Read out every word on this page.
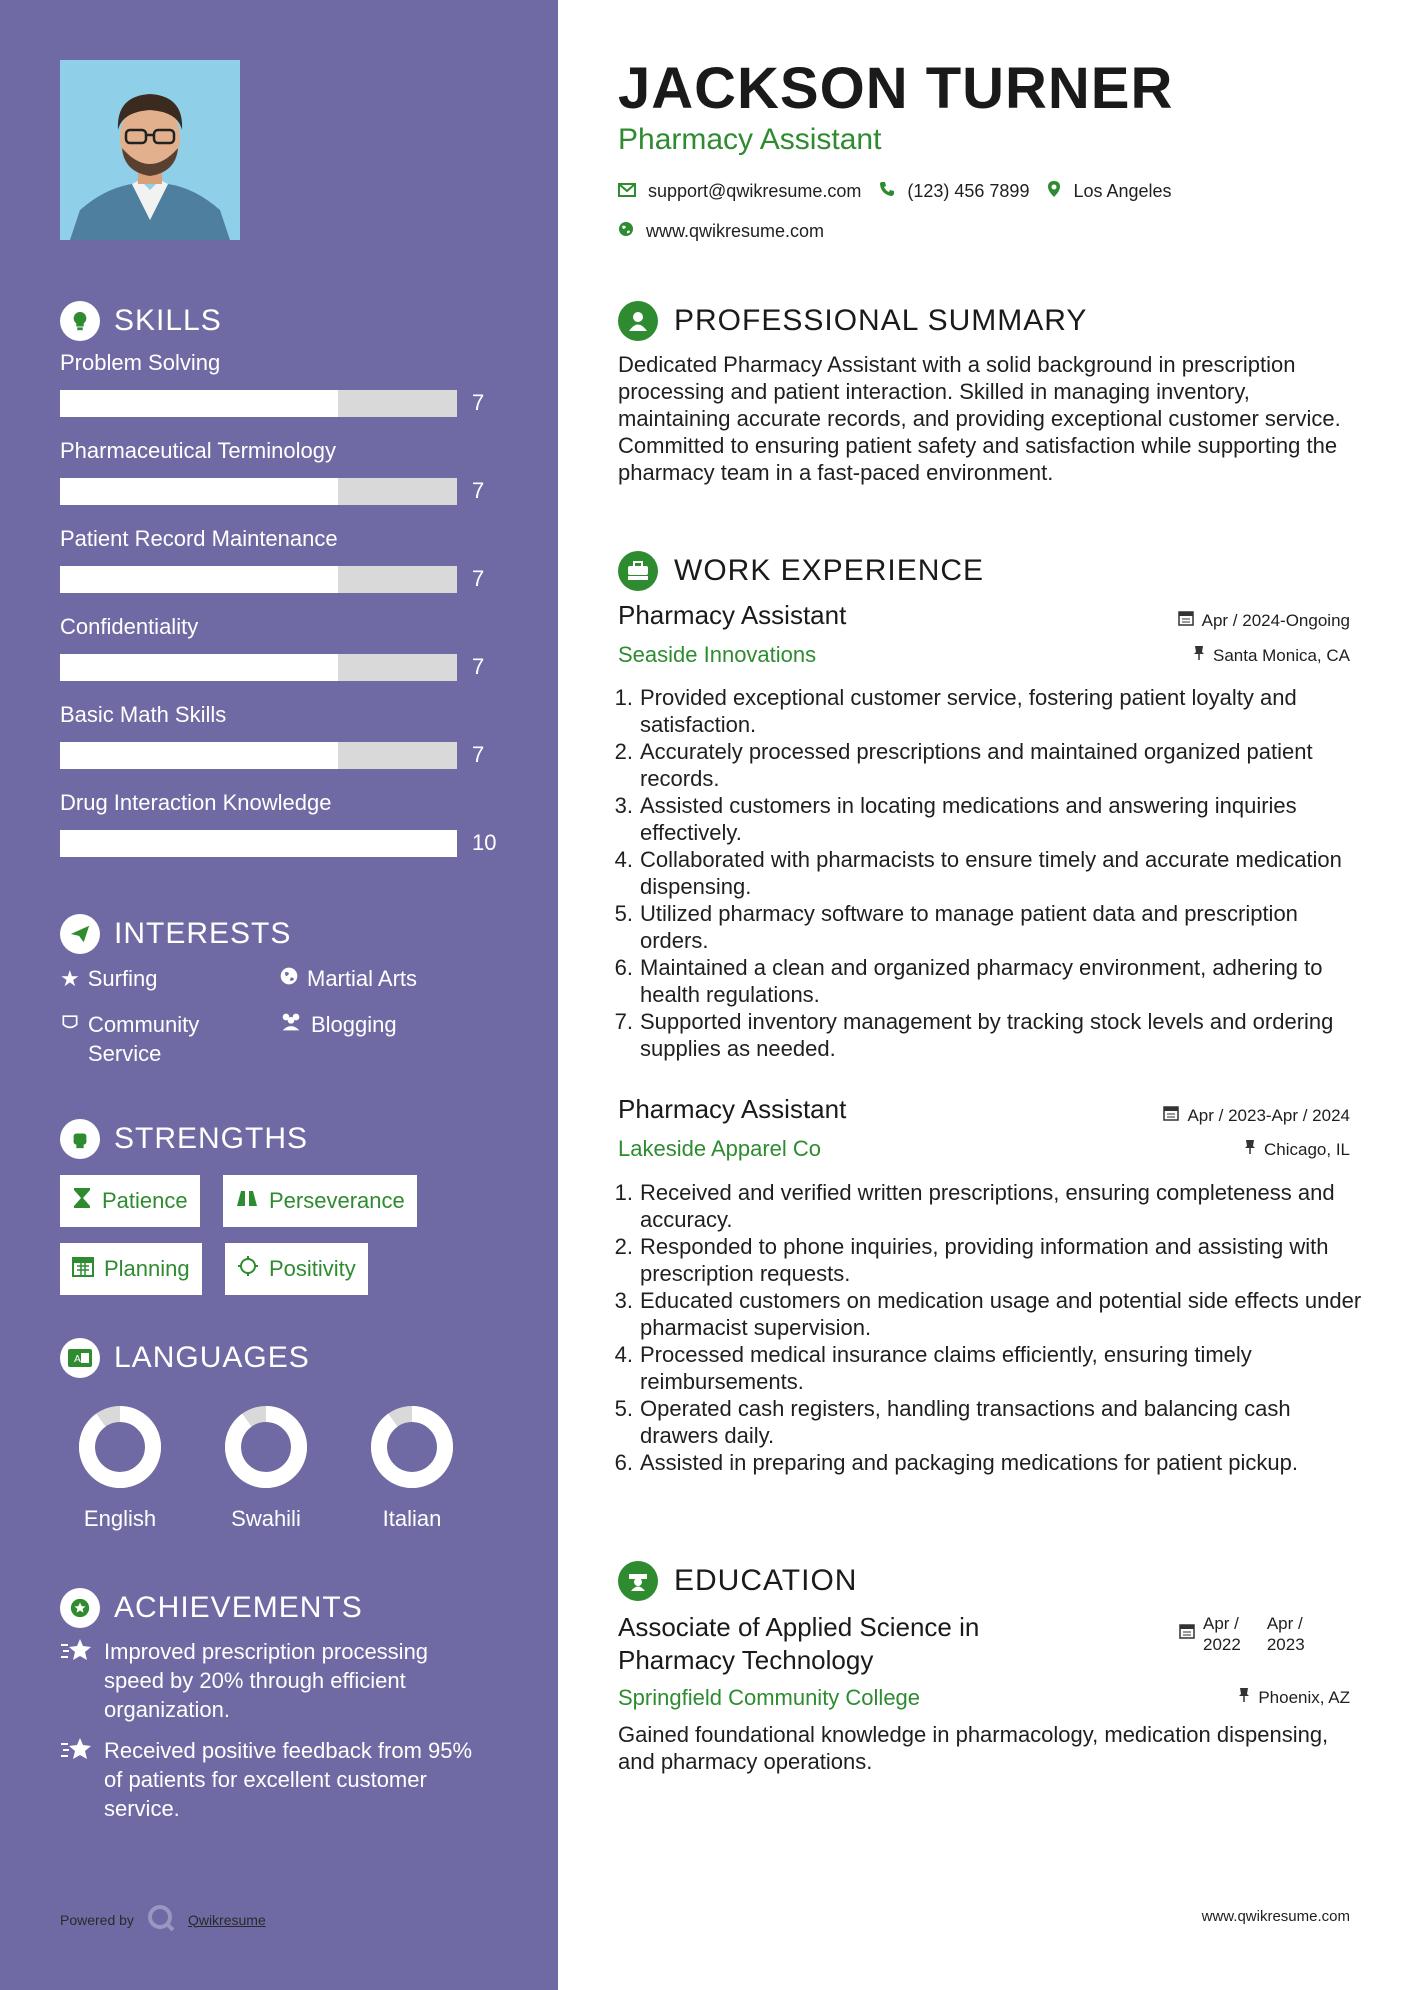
SKILLS
Problem Solving
7
Pharmaceutical Terminology
7
Patient Record Maintenance
7
Confidentiality
7
Basic Math Skills
7
Drug Interaction Knowledge
10
INTERESTS
★ Surfing	Martial Arts
Community Service
Blogging
STRENGTHS
Patience	Perseverance
Planning	Positivity
A LANGUAGES
English	Swahili	Italian
ACHIEVEMENTS
Improved prescription processing speed by 20% through efficient organization.
Received positive feedback from 95% of patients for excellent customer service.
Powered by	Qwikresume
JACKSON TURNER
Pharmacy Assistant
support@qwikresume.com	(123) 456 7899 Los Angeles
www.qwikresume.com
PROFESSIONAL SUMMARY
Dedicated Pharmacy Assistant with a solid background in prescription processing and patient interaction. Skilled in managing inventory, maintaining accurate records, and providing exceptional customer service. Committed to ensuring patient safety and satisfaction while supporting the pharmacy team in a fast-paced environment.
WORK EXPERIENCE
Pharmacy Assistant	Apr / 2024-Ongoing
Seaside Innovations	Santa Monica, CA
1. Provided exceptional customer service, fostering patient loyalty and satisfaction.
2. Accurately processed prescriptions and maintained organized patient records.
3. Assisted customers in locating medications and answering inquiries effectively.
4. Collaborated with pharmacists to ensure timely and accurate medication dispensing.
5. Utilized pharmacy software to manage patient data and prescription orders.
6. Maintained a clean and organized pharmacy environment, adhering to health regulations.
7. Supported inventory management by tracking stock levels and ordering supplies as needed.
Pharmacy Assistant	Apr / 2023-Apr / 2024
Lakeside Apparel Co	Chicago, IL
1. Received and verified written prescriptions, ensuring completeness and accuracy.
2. Responded to phone inquiries, providing information and assisting with prescription requests.
3. Educated customers on medication usage and potential side effects under pharmacist supervision.
4. Processed medical insurance claims efficiently, ensuring timely reimbursements.
5. Operated cash registers, handling transactions and balancing cash drawers daily.
6. Assisted in preparing and packaging medications for patient pickup.
EDUCATION
Associate of Applied Science in Pharmacy Technology
Apr /
2022
Apr /
2023
Springfield Community College	Phoenix, AZ
Gained foundational knowledge in pharmacology, medication dispensing, and pharmacy operations.
www.qwikresume.com
